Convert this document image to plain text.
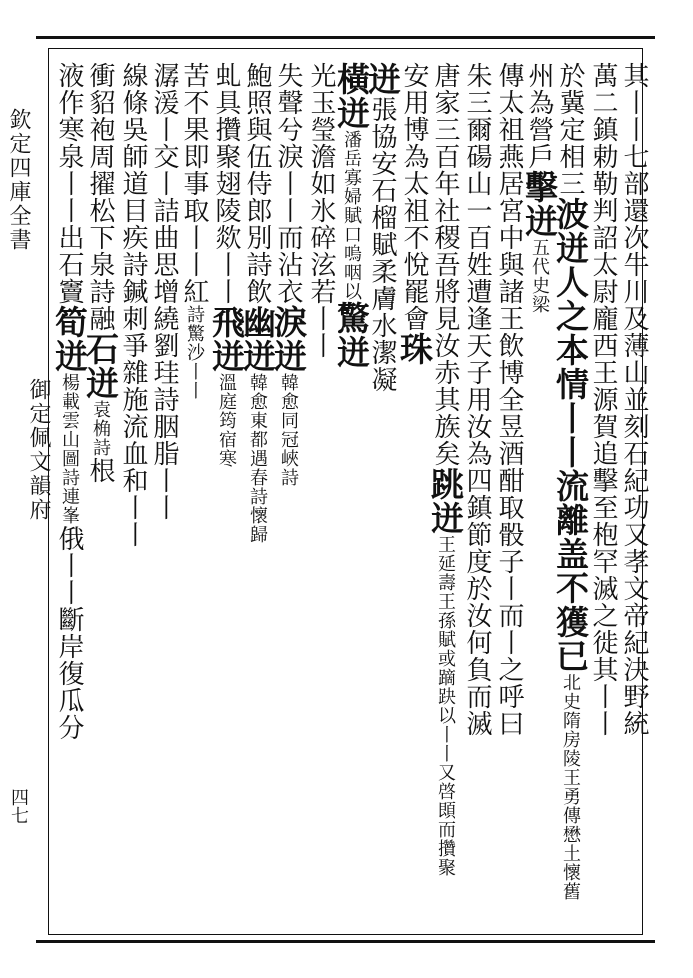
欽定四庫全書
御定佩文韻府
四七
其丨丨七部還次牛川及薄山並刻石紀功又孝文帝紀決野統
萬二鎮勅勒判詔太尉龐西王源賀追擊至枹罕滅之徙其丨丨
於冀定相三波迸人之本情丨丨流離盖不獲已北史隋房陵王勇傳懋土懷舊
州為營戶擊迸五代史梁
傳太祖燕居宮中與諸王飲博全昱酒酣取骰子丨而丨之呼曰
朱三爾碭山一百姓遭逢天子用汝為四鎮節度於汝何負而滅
唐家三百年社稷吾將見汝赤其族矣跳迸王延壽王孫賦或蹢趹以丨丨又啓䫀而攢聚
安用博為太祖不悅罷會珠
迸張協安石榴賦柔膚水潔凝
橫迸潘岳寡婦賦口嗚咽以驚迸
光玉瑩澹如氷碎泫若丨丨
失聲兮淚丨丨而沾衣淚迸韓愈同冠峽詩
鮑照與伍侍郎別詩飲幽迸韓愈東都遇春詩懷歸
虬具攢聚翅陵欻丨丨飛迸溫庭筠宿寒
苦不果即事取丨丨紅詩驚沙丨丨
潺湲丨交丨詰曲思增繞劉珪詩胭脂丨丨
線條吳師道目疾詩鍼刺爭雜施流血和丨丨
衝貂袍周擢松下泉詩融石迸袁桷詩根
液作寒泉丨丨出石竇筍迸楊載雲山圖詩連峯俄丨丨斷岸復瓜分
